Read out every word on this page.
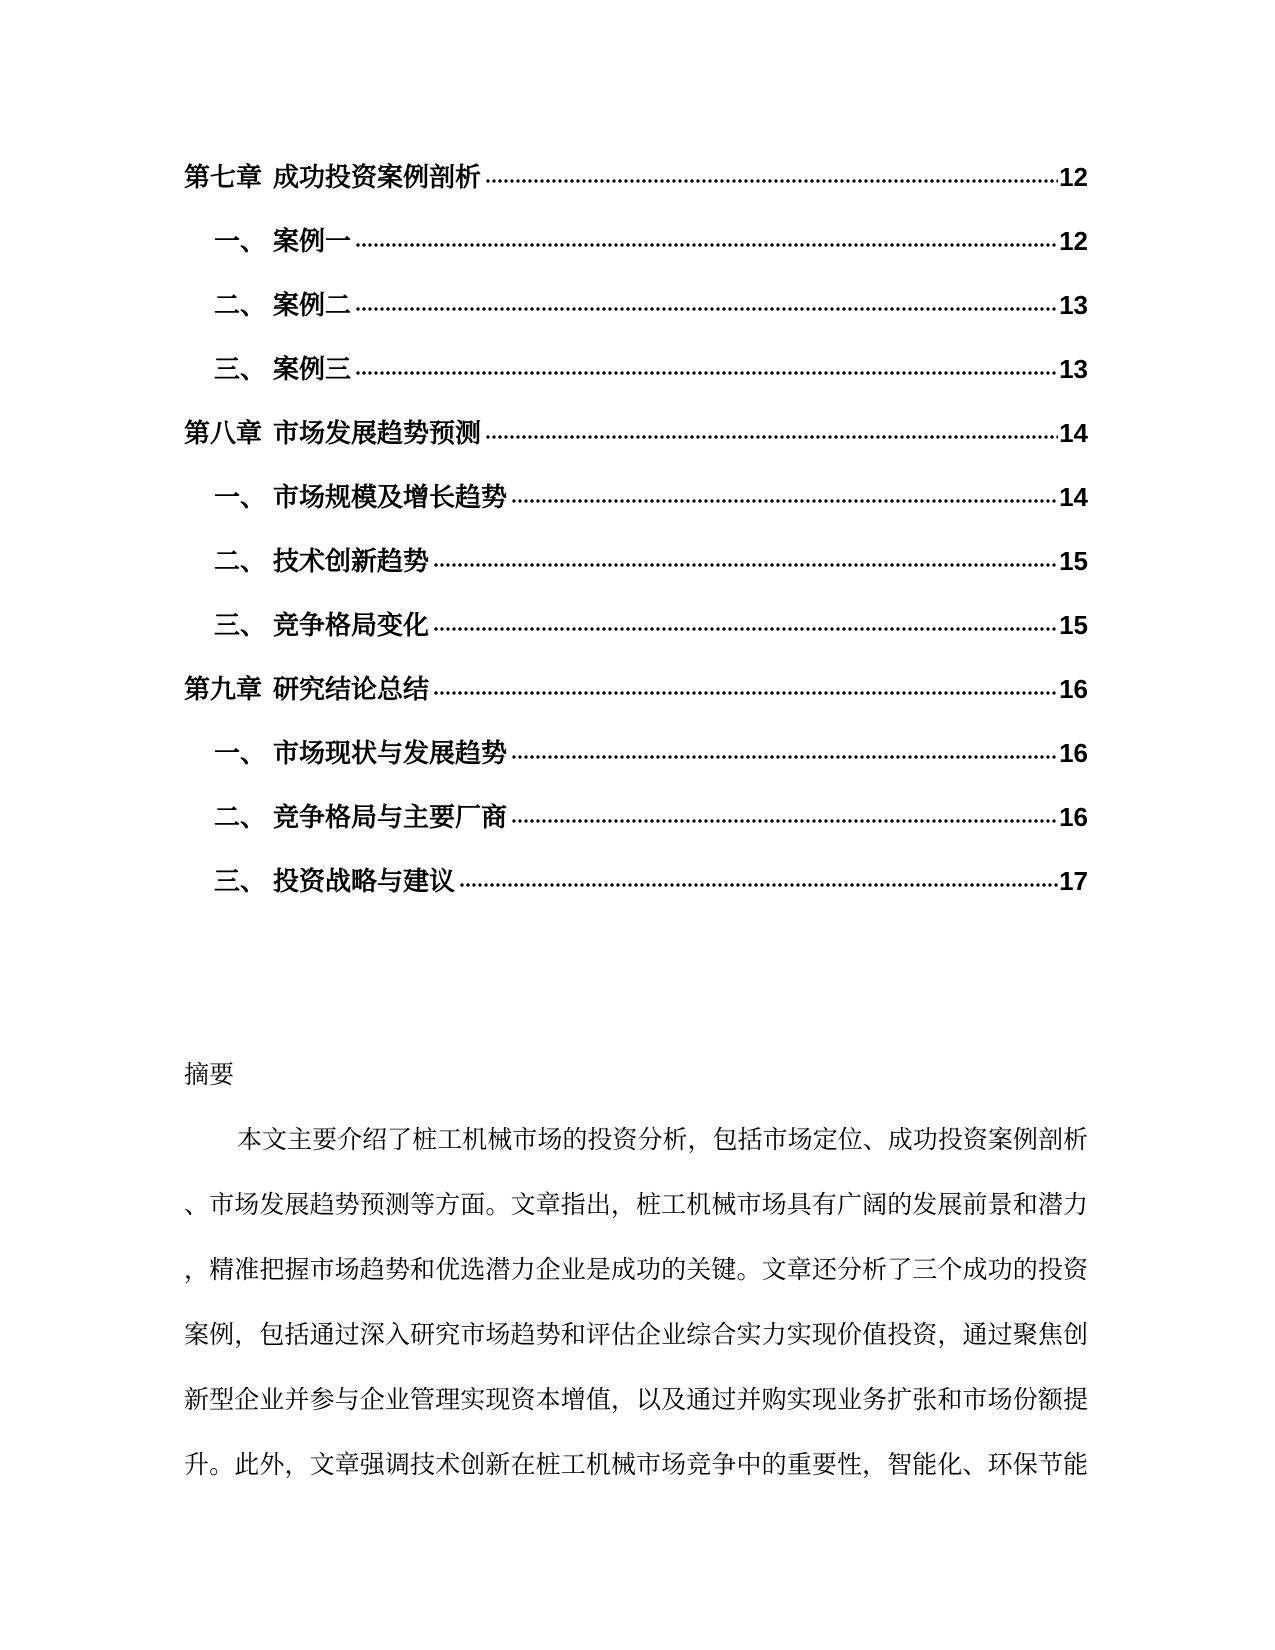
第七章 成功投资案例剖析	12
一、 案例一	12
二、 案例二	13
三、 案例三	13
第八章 市场发展趋势预测	14
一、 市场规模及增长趋势	14
二、 技术创新趋势	15
三、 竞争格局变化	15
第九章 研究结论总结	16
一、 市场现状与发展趋势	16
二、 竞争格局与主要厂商	16
三、 投资战略与建议	17
摘要
本文主要介绍了桩工机械市场的投资分析，包括市场定位、成功投资案例剖析
、市场发展趋势预测等方面。文章指出，桩工机械市场具有广阔的发展前景和潜力
，精准把握市场趋势和优选潜力企业是成功的关键。文章还分析了三个成功的投资
案例，包括通过深入研究市场趋势和评估企业综合实力实现价值投资，通过聚焦创
新型企业并参与企业管理实现资本增值，以及通过并购实现业务扩张和市场份额提
升。此外，文章强调技术创新在桩工机械市场竞争中的重要性，智能化、环保节能
